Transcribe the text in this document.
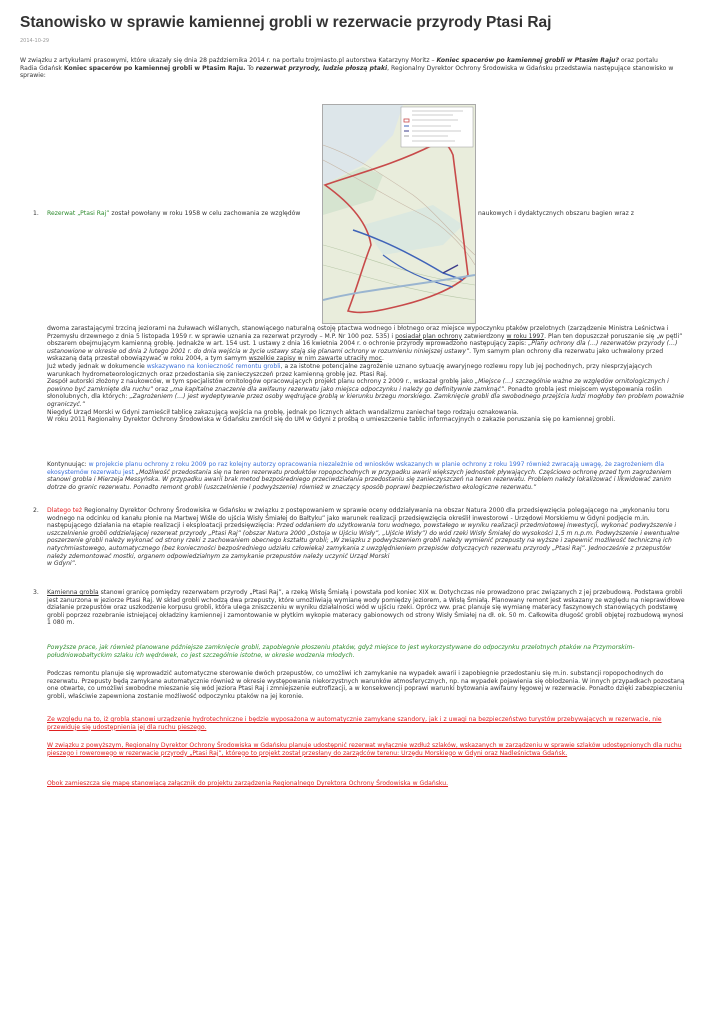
Stanowisko w sprawie kamiennej grobli w rezerwacie przyrody Ptasi Raj
2014-10-29
W związku z artykułami prasowymi, które ukazały się dnia 28 października 2014 r. na portalu trojmiasto.pl autorstwa Katarzyny Moritz – Koniec spacerów po kamiennej grobli w Ptasim Raju? oraz portalu Radia Gdańsk Koniec spacerów po kamiennej grobli w Ptasim Raju. To rezerwat przyrody, ludzie płoszą ptaki, Regionalny Dyrektor Ochrony Środowiska w Gdańsku przedstawia następujące stanowisko w sprawie:
1. Rezerwat „Ptasi Raj” został powołany w roku 1958 w celu zachowania ze względów	naukowych i dydaktycznych obszaru bagien wraz z

dwoma zarastającymi trzciną jeziorami na żuławach wiślanych, stanowiącego naturalną ostoję ptactwa wodnego i błotnego oraz miejsce wypoczynku ptaków przelotnych (zarządzenie Ministra Leśnictwa i Przemysłu drzewnego z dnia 5 listopada 1959 r. w sprawie uznania za rezerwat przyrody – M.P. Nr 100 poz. 535) i posiadał plan ochrony zatwierdzony w roku 1997. Plan ten dopuszczał poruszanie się „w pętli” obszarem obejmującym kamienną groblę. Jednakże w art. 154 ust. 1 ustawy z dnia 16 kwietnia 2004 r. o ochronie przyrody wprowadzono następujący zapis: „Plany ochrony dla (…) rezerwatów przyrody (…) ustanowione w okresie od dnia 2 lutego 2001 r. do dnia wejścia w życie ustawy stają się planami ochrony w rozumieniu niniejszej ustawy”. Tym samym plan ochrony dla rezerwatu jako uchwalony przed wskazaną datą przestał obowiązywać w roku 2004, a tym samym wszelkie zapisy w nim zawarte utraciły moc.

Już wtedy jednak w dokumencie wskazywano na konieczność remontu grobli, a za istotne potencjalne zagrożenie uznano sytuację awaryjnego rozlewu ropy lub jej pochodnych, przy niesprzyjających warunkach hydrometeorologicznych oraz przedostania się zanieczyszczeń przez kamienną groblę jez. Ptasi Raj.

Zespół autorski złożony z naukowców, w tym specjalistów ornitologów opracowujących projekt planu ochrony z 2009 r., wskazał groblę jako „Miejsce (…) szczególnie ważne ze względów ornitologicznych i powinno być zamknięte dla ruchu” oraz „ma kapitalne znaczenie dla awifauny rezerwatu jako miejsca odpoczynku i należy go definitywnie zamknąć”. Ponadto grobla jest miejscem występowania roślin słonolubnych, dla których: „Zagrożeniem (…) jest wydeptywanie przez osoby wędrujące groblą w kierunku brzegu morskiego. Zamknięcie grobli dla swobodnego przejścia ludzi mogłoby ten problem poważnie ograniczyć.”

Niegdyś Urząd Morski w Gdyni zamieścił tablicę zakazującą wejścia na groblę, jednak po licznych aktach wandalizmu zaniechał tego rodzaju oznakowania.

W roku 2011 Regionalny Dyrektor Ochrony Środowiska w Gdańsku zwrócił się do UM w Gdyni z prośbą o umieszczenie tablic informacyjnych o zakazie poruszania się po kamiennej grobli.

Kontynuując: w projekcie planu ochrony z roku 2009 po raz kolejny autorzy opracowania niezależnie od wniosków wskazanych w planie ochrony z roku 1997 również zwracają uwagę, że zagrożeniem dla ekosystemów rezerwatu jest „Możliwość przedostania się na teren rezerwatu produktów ropopochodnych w przypadku awarii większych jednostek pływających. Częściowo ochronę przed tym zagrożeniem stanowi grobla i Mierzeja Messyńska. W przypadku awarii brak metod bezpośredniego przeciwdziałania przedostaniu się zanieczyszczeń na teren rezerwatu. Problem należy lokalizować i likwidować zanim dotrze do granic rezerwatu. Ponadto remont grobli (uszczelnienie i podwyższenie) również w znaczący sposób poprawi bezpieczeństwo ekologiczne rezerwatu.”
2. Dlatego też Regionalny Dyrektor Ochrony Środowiska w Gdańsku w związku z postępowaniem w sprawie oceny oddziaływania na obszar Natura 2000 dla przedsięwzięcia polegającego na „wykonaniu toru wodnego na odcinku od kanału płonie na Martwej Wiśle do ujścia Wisły Śmiałej do Bałtyku” jako warunek realizacji przedsięwzięcia określił inwestorowi - Urzędowi Morskiemu w Gdyni podjęcie m.in. następującego działania na etapie realizacji i eksploatacji przedsięwzięcia: Przed oddaniem do użytkowania toru wodnego, powstałego w wyniku realizacji przedmiotowej inwestycji, wykonać podwyższenie i uszczelnienie grobli oddzielającej rezerwat przyrody „Ptasi Raj” (obszar Natura 2000 „Ostoja w Ujściu Wisły”, „Ujście Wisły”) do wód rzeki Wisły Śmiałej do wysokości 1,5 m n.p.m. Podwyższenie i ewentualne poszerzenie grobli należy wykonać od strony rzeki z zachowaniem obecnego kształtu grobli; „W związku z podwyższeniem grobli należy wymienić przepusty na wyższe i zapewnić możliwość techniczną ich natychmiastowego, automatycznego (bez konieczności bezpośredniego udziału człowieka) zamykania z uwzględnieniem przepisów dotyczących rezerwatu przyrody „Ptasi Raj”. Jednocześnie z przepustów należy zdemontować mostki, organem odpowiedzialnym za zamykanie przepustów należy uczynić Urząd Morski
w Gdyni”.
3. Kamienna grobla stanowi granicę pomiędzy rezerwatem przyrody „Ptasi Raj”, a rzeką Wisłą Śmiałą i powstała pod koniec XIX w. Dotychczas nie prowadzono prac związanych z jej przebudową. Podstawa grobli jest zanurzona w jeziorze Ptasi Raj. W skład grobli wchodzą dwa przepusty, które umożliwiają wymianę wody pomiędzy jeziorem, a Wisłą Śmiałą. Planowany remont jest wskazany ze względu na nieprawidłowe działanie przepustów oraz uszkodzenie korpusu grobli, która ulega zniszczeniu w wyniku działalności wód w ujściu rzeki. Oprócz ww. prac planuje się wymianę materacy faszynowych stanowiących podstawę grobli poprzez rozebranie istniejącej okładziny kamiennej i zamontowanie w płytkim wykopie materacy gabionowych od strony Wisły Śmiałej na dł. ok. 50 m. Całkowita długość grobli objętej rozbudową wynosi 1 080 m.
Powyższe prace, jak również planowane późniejsze zamknięcie grobli, zapobiegnie płoszeniu ptaków, gdyż miejsce to jest wykorzystywane do odpoczynku przelotnych ptaków na Przymorskim-południowobałtyckim szlaku ich wędrówek, co jest szczególnie istotne, w okresie wodzenia młodych.
Podczas remontu planuje się wprowadzić automatyczne sterowanie dwóch przepustów, co umożliwi ich zamykanie na wypadek awarii i zapobiegnie przedostaniu się m.in. substancji ropopochodnych do rezerwatu. Przepusty będą zamykane automatycznie również w okresie występowania niekorzystnych warunków atmosferycznych, np. na wypadek pojawienia się oblodzenia. W innych przypadkach pozostaną one otwarte, co umożliwi swobodne mieszanie się wód jeziora Ptasi Raj i zmniejszenie eutrofizacji, a w konsekwencji poprawi warunki bytowania awifauny łęgowej w rezerwacie. Ponadto dzięki zabezpieczeniu grobli, właściwie zapewniona zostanie możliwość odpoczynku ptaków na jej koronie.
Ze względu na to, iż grobla stanowi urządzenie hydrotechniczne i będzie wyposażona w automatycznie zamykane szandory, jak i z uwagi na bezpieczeństwo turystów przebywających w rezerwacie, nie przewiduje się udostępnienia jej dla ruchu pieszego.
W związku z powyższym, Regionalny Dyrektor Ochrony Środowiska w Gdańsku planuje udostępnić rezerwat wyłącznie wzdłuż szlaków, wskazanych w zarządzeniu w sprawie szlaków udostępnionych dla ruchu pieszego i rowerowego w rezerwacie przyrody „Ptasi Raj”, którego to projekt został przesłany do zarządców terenu: Urzędu Morskiego w Gdyni oraz Nadleśnictwa Gdańsk.
Obok zamieszcza się mapę stanowiącą załącznik do projektu zarządzenia Regionalnego Dyrektora Ochrony Środowiska w Gdańsku.
